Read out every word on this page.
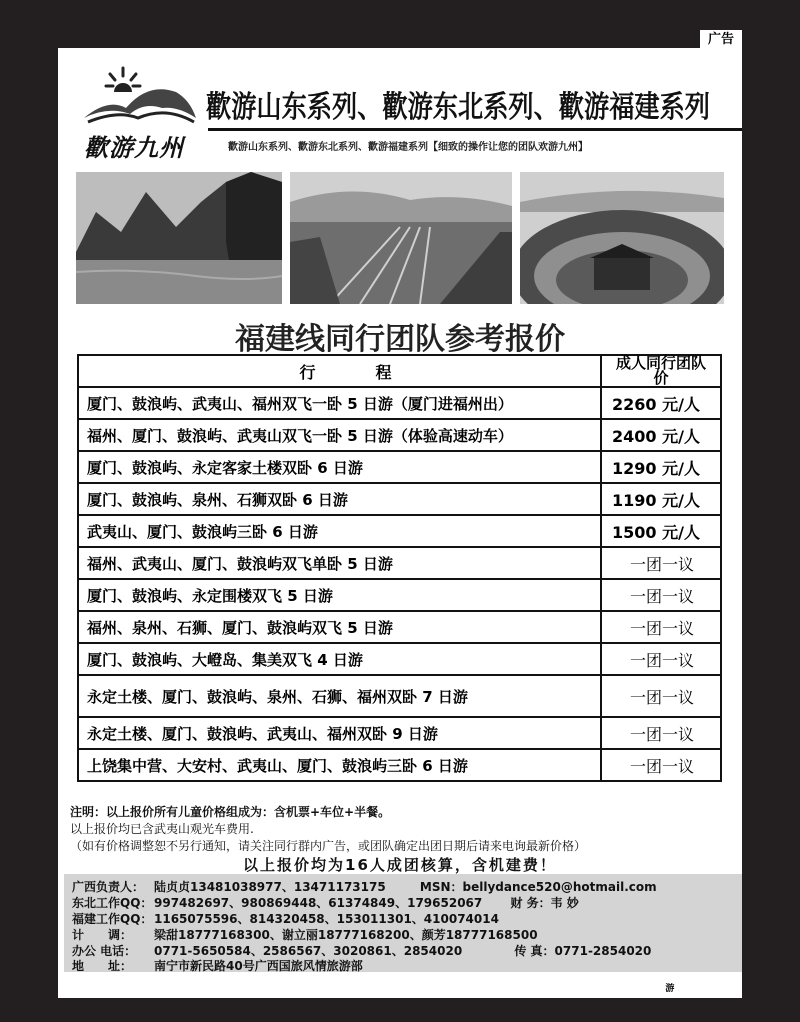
广告
歡游九州
歡游山东系列、歡游东北系列、歡游福建系列
歡游山东系列、歡游东北系列、歡游福建系列【细致的操作让您的团队欢游九州】
福建线同行团队参考报价
行程	成人同行团队价
厦门、鼓浪屿、武夷山、福州双飞一卧 5 日游（厦门进福州出）	2260 元/人
福州、厦门、鼓浪屿、武夷山双飞一卧 5 日游（体验高速动车）	2400 元/人
厦门、鼓浪屿、永定客家土楼双卧 6 日游	1290 元/人
厦门、鼓浪屿、泉州、石狮双卧 6 日游	1190 元/人
武夷山、厦门、鼓浪屿三卧 6 日游	1500 元/人
福州、武夷山、厦门、鼓浪屿双飞单卧 5 日游	一团一议
厦门、鼓浪屿、永定围楼双飞 5 日游	一团一议
福州、泉州、石狮、厦门、鼓浪屿双飞 5 日游	一团一议
厦门、鼓浪屿、大嶝岛、集美双飞 4 日游	一团一议
永定土楼、厦门、鼓浪屿、泉州、石狮、福州双卧 7 日游	一团一议
永定土楼、厦门、鼓浪屿、武夷山、福州双卧 9 日游	一团一议
上饶集中营、大安村、武夷山、厦门、鼓浪屿三卧 6 日游	一团一议
注明：以上报价所有儿童价格组成为：含机票+车位+半餐。
以上报价均已含武夷山观光车费用.
（如有价格调整恕不另行通知，请关注同行群内广告，或团队确定出团日期后请来电询最新价格）
以上报价均为16人成团核算，含机建费！
广西负责人： 陆贞贞13481038977、13471173175	MSN：bellydance520@hotmail.com
东北工作QQ： 997482697、980869448、61374849、179652067 财 务：韦 妙
福建工作QQ： 1165075596、814320458、153011301、410074014
计　　调： 梁甜18777168300、谢立丽18777168200、颜芳18777168500
办公 电话： 0771-5650584、2586567、3020861、2854020	传 真：0771-2854020
地　　址： 南宁市新民路40号广西国旅风情旅游部
www.zyoo.net 游 广西版 7
